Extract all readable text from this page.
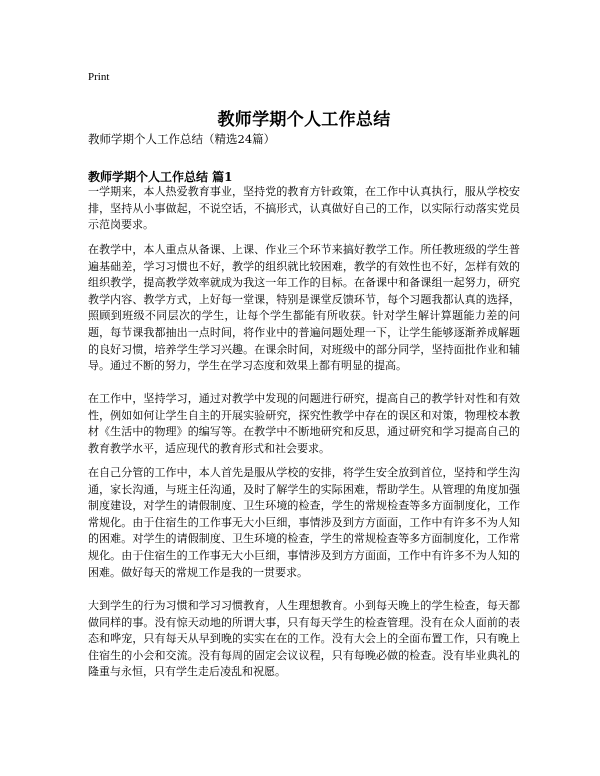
Print
教师学期个人工作总结
教师学期个人工作总结（精选24篇）
教师学期个人工作总结 篇1

一学期来，本人热爱教育事业，坚持党的教育方针政策，在工作中认真执行，服从学校安排，坚持从小事做起，不说空话，不搞形式，认真做好自己的工作，以实际行动落实党员示范岗要求。

在教学中，本人重点从备课、上课、作业三个环节来搞好教学工作。所任教班级的学生普遍基础差，学习习惯也不好，教学的组织就比较困难，教学的有效性也不好，怎样有效的组织教学，提高教学效率就成为我这一年工作的目标。在备课中和备课组一起努力，研究教学内容、教学方式，上好每一堂课，特别是课堂反馈环节，每个习题我都认真的选择，照顾到班级不同层次的学生，让每个学生都能有所收获。针对学生解计算题能力差的问题，每节课我都抽出一点时间，将作业中的普遍问题处理一下，让学生能够逐渐养成解题的良好习惯，培养学生学习兴趣。在课余时间，对班级中的部分同学，坚持面批作业和辅导。通过不断的努力，学生在学习态度和效果上都有明显的提高。

在工作中，坚持学习，通过对教学中发现的问题进行研究，提高自己的教学针对性和有效性，例如如何让学生自主的开展实验研究，探究性教学中存在的误区和对策，物理校本教材《生活中的物理》的编写等。在教学中不断地研究和反思，通过研究和学习提高自己的教育教学水平，适应现代的教育形式和社会要求。

在自己分管的工作中，本人首先是服从学校的安排，将学生安全放到首位，坚持和学生沟通，家长沟通，与班主任沟通，及时了解学生的实际困难，帮助学生。从管理的角度加强制度建设，对学生的请假制度、卫生环境的检查，学生的常规检查等多方面制度化，工作常规化。由于住宿生的工作事无大小巨细，事情涉及到方方面面，工作中有许多不为人知的困难。对学生的请假制度、卫生环境的检查，学生的常规检查等多方面制度化，工作常规化。由于住宿生的工作事无大小巨细，事情涉及到方方面面，工作中有许多不为人知的困难。做好每天的常规工作是我的一贯要求。

大到学生的行为习惯和学习习惯教育，人生理想教育。小到每天晚上的学生检查，每天都做同样的事。没有惊天动地的所谓大事，只有每天学生的检查管理。没有在众人面前的表态和哗宠，只有每天从早到晚的实实在在的工作。没有大会上的全面布置工作，只有晚上住宿生的小会和交流。没有每周的固定会议议程，只有每晚必做的检查。没有毕业典礼的隆重与永恒，只有学生走后凌乱和祝愿。
